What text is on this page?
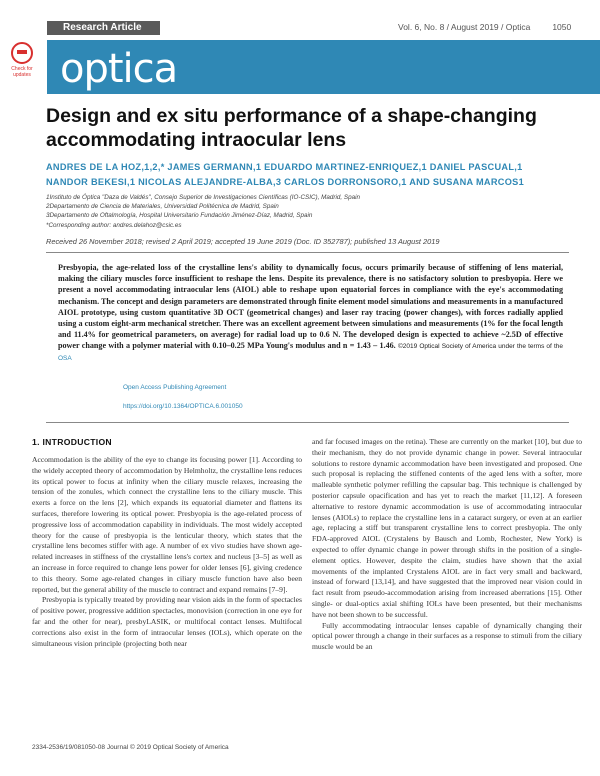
Research Article	Vol. 6, No. 8 / August 2019 / Optica	1050
Check for updates optica
Design and ex situ performance of a shape-changing accommodating intraocular lens
ANDRES DE LA HOZ,1,2,* JAMES GERMANN,1 EDUARDO MARTINEZ-ENRIQUEZ,1 DANIEL PASCUAL,1 NANDOR BEKESI,1 NICOLAS ALEJANDRE-ALBA,3 CARLOS DORRONSORO,1 AND SUSANA MARCOS1
1Instituto de Óptica "Daza de Valdés", Consejo Superior de Investigaciones Científicas (IO-CSIC), Madrid, Spain
2Departamento de Ciencia de Materiales, Universidad Politécnica de Madrid, Spain
3Departamento de Oftalmología, Hospital Universitario Fundación Jiménez-Díaz, Madrid, Spain
*Corresponding author: andres.delahoz@csic.es
Received 26 November 2018; revised 2 April 2019; accepted 19 June 2019 (Doc. ID 352787); published 13 August 2019
Presbyopia, the age-related loss of the crystalline lens's ability to dynamically focus, occurs primarily because of stiffening of lens material, making the ciliary muscles force insufficient to reshape the lens. Despite its prevalence, there is no satisfactory solution to presbyopia. Here we present a novel accommodating intraocular lens (AIOL) able to reshape upon equatorial forces in compliance with the eye's accommodating mechanism. The concept and design parameters are demonstrated through finite element model simulations and measurements in a manufactured AIOL prototype, using custom quantitative 3D OCT (geometrical changes) and laser ray tracing (power changes), with forces radially applied using a custom eight-arm mechanical stretcher. There was an excellent agreement between simulations and measurements (1% for the focal length and 11.4% for geometrical parameters, on average) for radial load up to 0.6 N. The developed design is expected to achieve ~2.5D of effective power change with a polymer material with 0.10–0.25 MPa Young's modulus and n = 1.43 – 1.46. ©2019 Optical Society of America under the terms of the OSA
Open Access Publishing Agreement
https://doi.org/10.1364/OPTICA.6.001050
1. INTRODUCTION

Accommodation is the ability of the eye to change its focusing power [1]. According to the widely accepted theory of accommodation by Helmholtz, the crystalline lens reduces its optical power to focus at infinity when the ciliary muscle relaxes, increasing the tension of the zonules, which connect the crystalline lens to the ciliary muscle. This exerts a force on the lens [2], which expands its equatorial diameter and flattens its surfaces, therefore lowering its optical power. Presbyopia is the age-related process of progressive loss of accommodation capability in individuals. The most widely accepted theory for the cause of presbyopia is the lenticular theory, which states that the crystalline lens becomes stiffer with age. A number of ex vivo studies have shown age-related increases in stiffness of the crystalline lens's cortex and nucleus [3–5] as well as an increase in force required to change lens power for older lenses [6], giving credence to this theory. Some age-related changes in ciliary muscle function have also been reported, but the general ability of the muscle to contract and expand remains [7–9].

Presbyopia is typically treated by providing near vision aids in the form of spectacles of positive power, progressive addition spectacles, monovision (correction in one eye for far and the other for near), presbyLASIK, or multifocal contact lenses. Multifocal corrections also exist in the form of intraocular lenses (IOLs), which operate on the simultaneous vision principle (projecting both near

and far focused images on the retina). These are currently on the market [10], but due to their mechanism, they do not provide dynamic change in power. Several intraocular solutions to restore dynamic accommodation have been investigated and proposed. One such proposal is replacing the stiffened contents of the aged lens with a softer, more malleable synthetic polymer refilling the capsular bag. This technique is challenged by posterior capsule opacification and has yet to reach the market [11,12]. A foreseen alternative to restore dynamic accommodation is use of accommodating intraocular lenses (AIOLs) to replace the crystalline lens in a cataract surgery, or even at an earlier age, replacing a stiff but transparent crystalline lens to correct presbyopia. The only FDA-approved AIOL (Crystalens by Bausch and Lomb, Rochester, New York) is expected to offer dynamic change in power through shifts in the position of a single-element optics. However, despite the claim, studies have shown that the axial movements of the implanted Crystalens AIOL are in fact very small and backward, instead of forward [13,14], and have suggested that the improved near vision could in fact result from pseudo-accommodation arising from increased aberrations [15]. Other single- or dual-optics axial shifting IOLs have been presented, but their mechanisms have not been shown to be successful.

Fully accommodating intraocular lenses capable of dynamically changing their optical power through a change in their surfaces as a response to stimuli from the ciliary muscle would be an

2334-2536/19/081050-08 Journal © 2019 Optical Society of America
